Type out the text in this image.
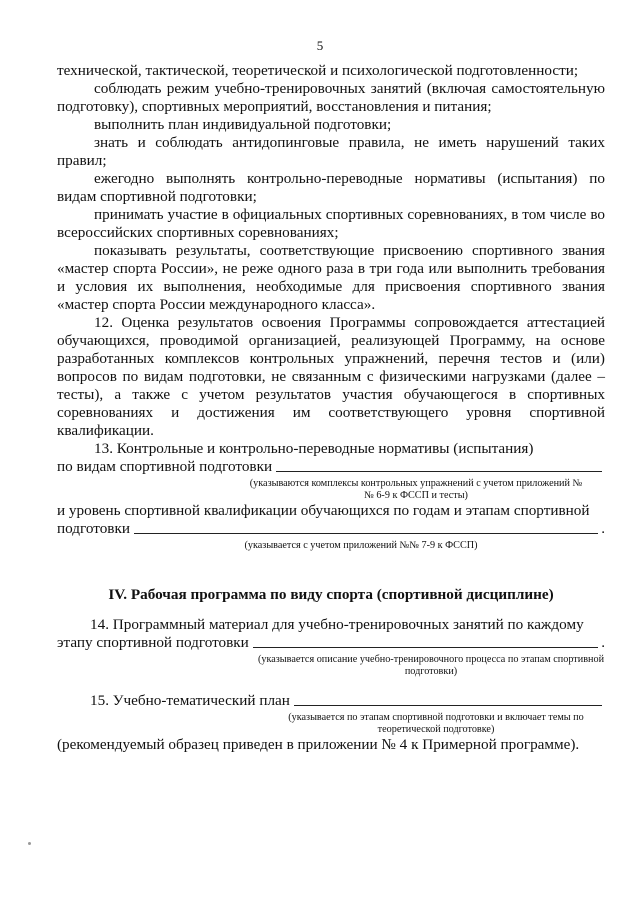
5

технической, тактической, теоретической и психологической подготовленности;

соблюдать режим учебно-тренировочных занятий (включая самостоятельную подготовку), спортивных мероприятий, восстановления и питания;

выполнить план индивидуальной подготовки;

знать и соблюдать антидопинговые правила, не иметь нарушений таких правил;

ежегодно выполнять контрольно-переводные нормативы (испытания) по видам спортивной подготовки;

принимать участие в официальных спортивных соревнованиях, в том числе во всероссийских спортивных соревнованиях;

показывать результаты, соответствующие присвоению спортивного звания «мастер спорта России», не реже одного раза в три года или выполнить требования и условия их выполнения, необходимые для присвоения спортивного звания «мастер спорта России международного класса».

12. Оценка результатов освоения Программы сопровождается аттестацией обучающихся, проводимой организацией, реализующей Программу, на основе разработанных комплексов контрольных упражнений, перечня тестов и (или) вопросов по видам подготовки, не связанным с физическими нагрузками (далее – тесты), а также с учетом результатов участия обучающегося в спортивных соревнованиях и достижения им соответствующего уровня спортивной квалификации.

13. Контрольные и контрольно-переводные нормативы (испытания)

по видам спортивной подготовки

(указываются комплексы контрольных упражнений с учетом приложений №№ 6-9 к ФССП и тесты)

и уровень спортивной квалификации обучающихся по годам и этапам спортивной

подготовки	.

(указывается с учетом приложений №№ 7-9 к ФССП)

IV. Рабочая программа по виду спорта (спортивной дисциплине)

14. Программный материал для учебно-тренировочных занятий по каждому

этапу спортивной подготовки	.

(указывается описание учебно-тренировочного процесса по этапам спортивной подготовки)

15. Учебно-тематический план

(указывается по этапам спортивной подготовки и включает темы по теоретической подготовке)

(рекомендуемый образец приведен в приложении № 4 к Примерной программе).
